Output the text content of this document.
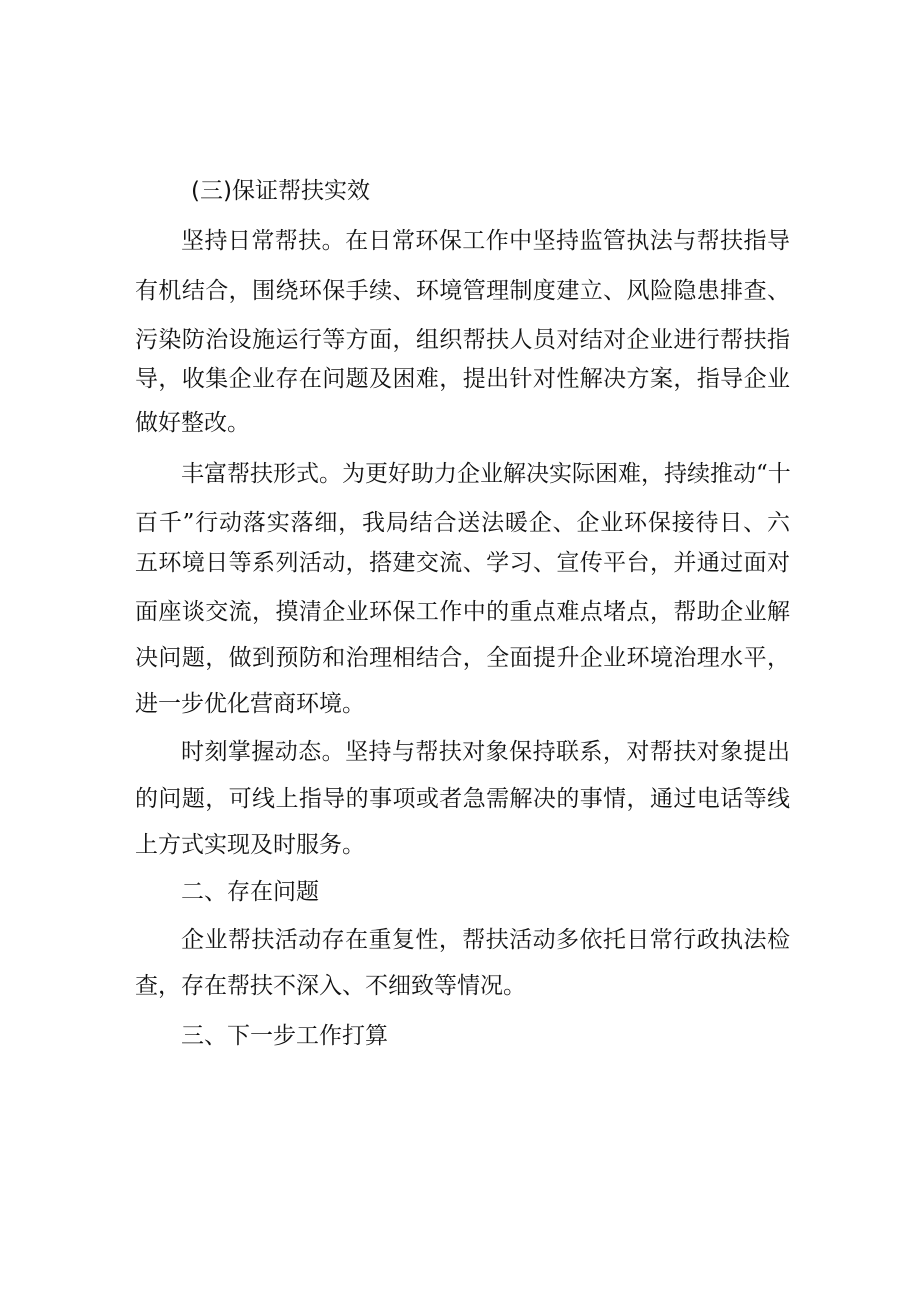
(三)保证帮扶实效

坚持日常帮扶。在日常环保工作中坚持监管执法与帮扶指导

有机结合，围绕环保手续、环境管理制度建立、风险隐患排查、

污染防治设施运行等方面，组织帮扶人员对结对企业进行帮扶指

导，收集企业存在问题及困难，提出针对性解决方案，指导企业

做好整改。

丰富帮扶形式。为更好助力企业解决实际困难，持续推动“十

百千”行动落实落细，我局结合送法暖企、企业环保接待日、六

五环境日等系列活动，搭建交流、学习、宣传平台，并通过面对

面座谈交流，摸清企业环保工作中的重点难点堵点，帮助企业解

决问题，做到预防和治理相结合，全面提升企业环境治理水平，

进一步优化营商环境。

时刻掌握动态。坚持与帮扶对象保持联系，对帮扶对象提出

的问题，可线上指导的事项或者急需解决的事情，通过电话等线

上方式实现及时服务。

二、存在问题

企业帮扶活动存在重复性，帮扶活动多依托日常行政执法检

查，存在帮扶不深入、不细致等情况。

三、下一步工作打算
